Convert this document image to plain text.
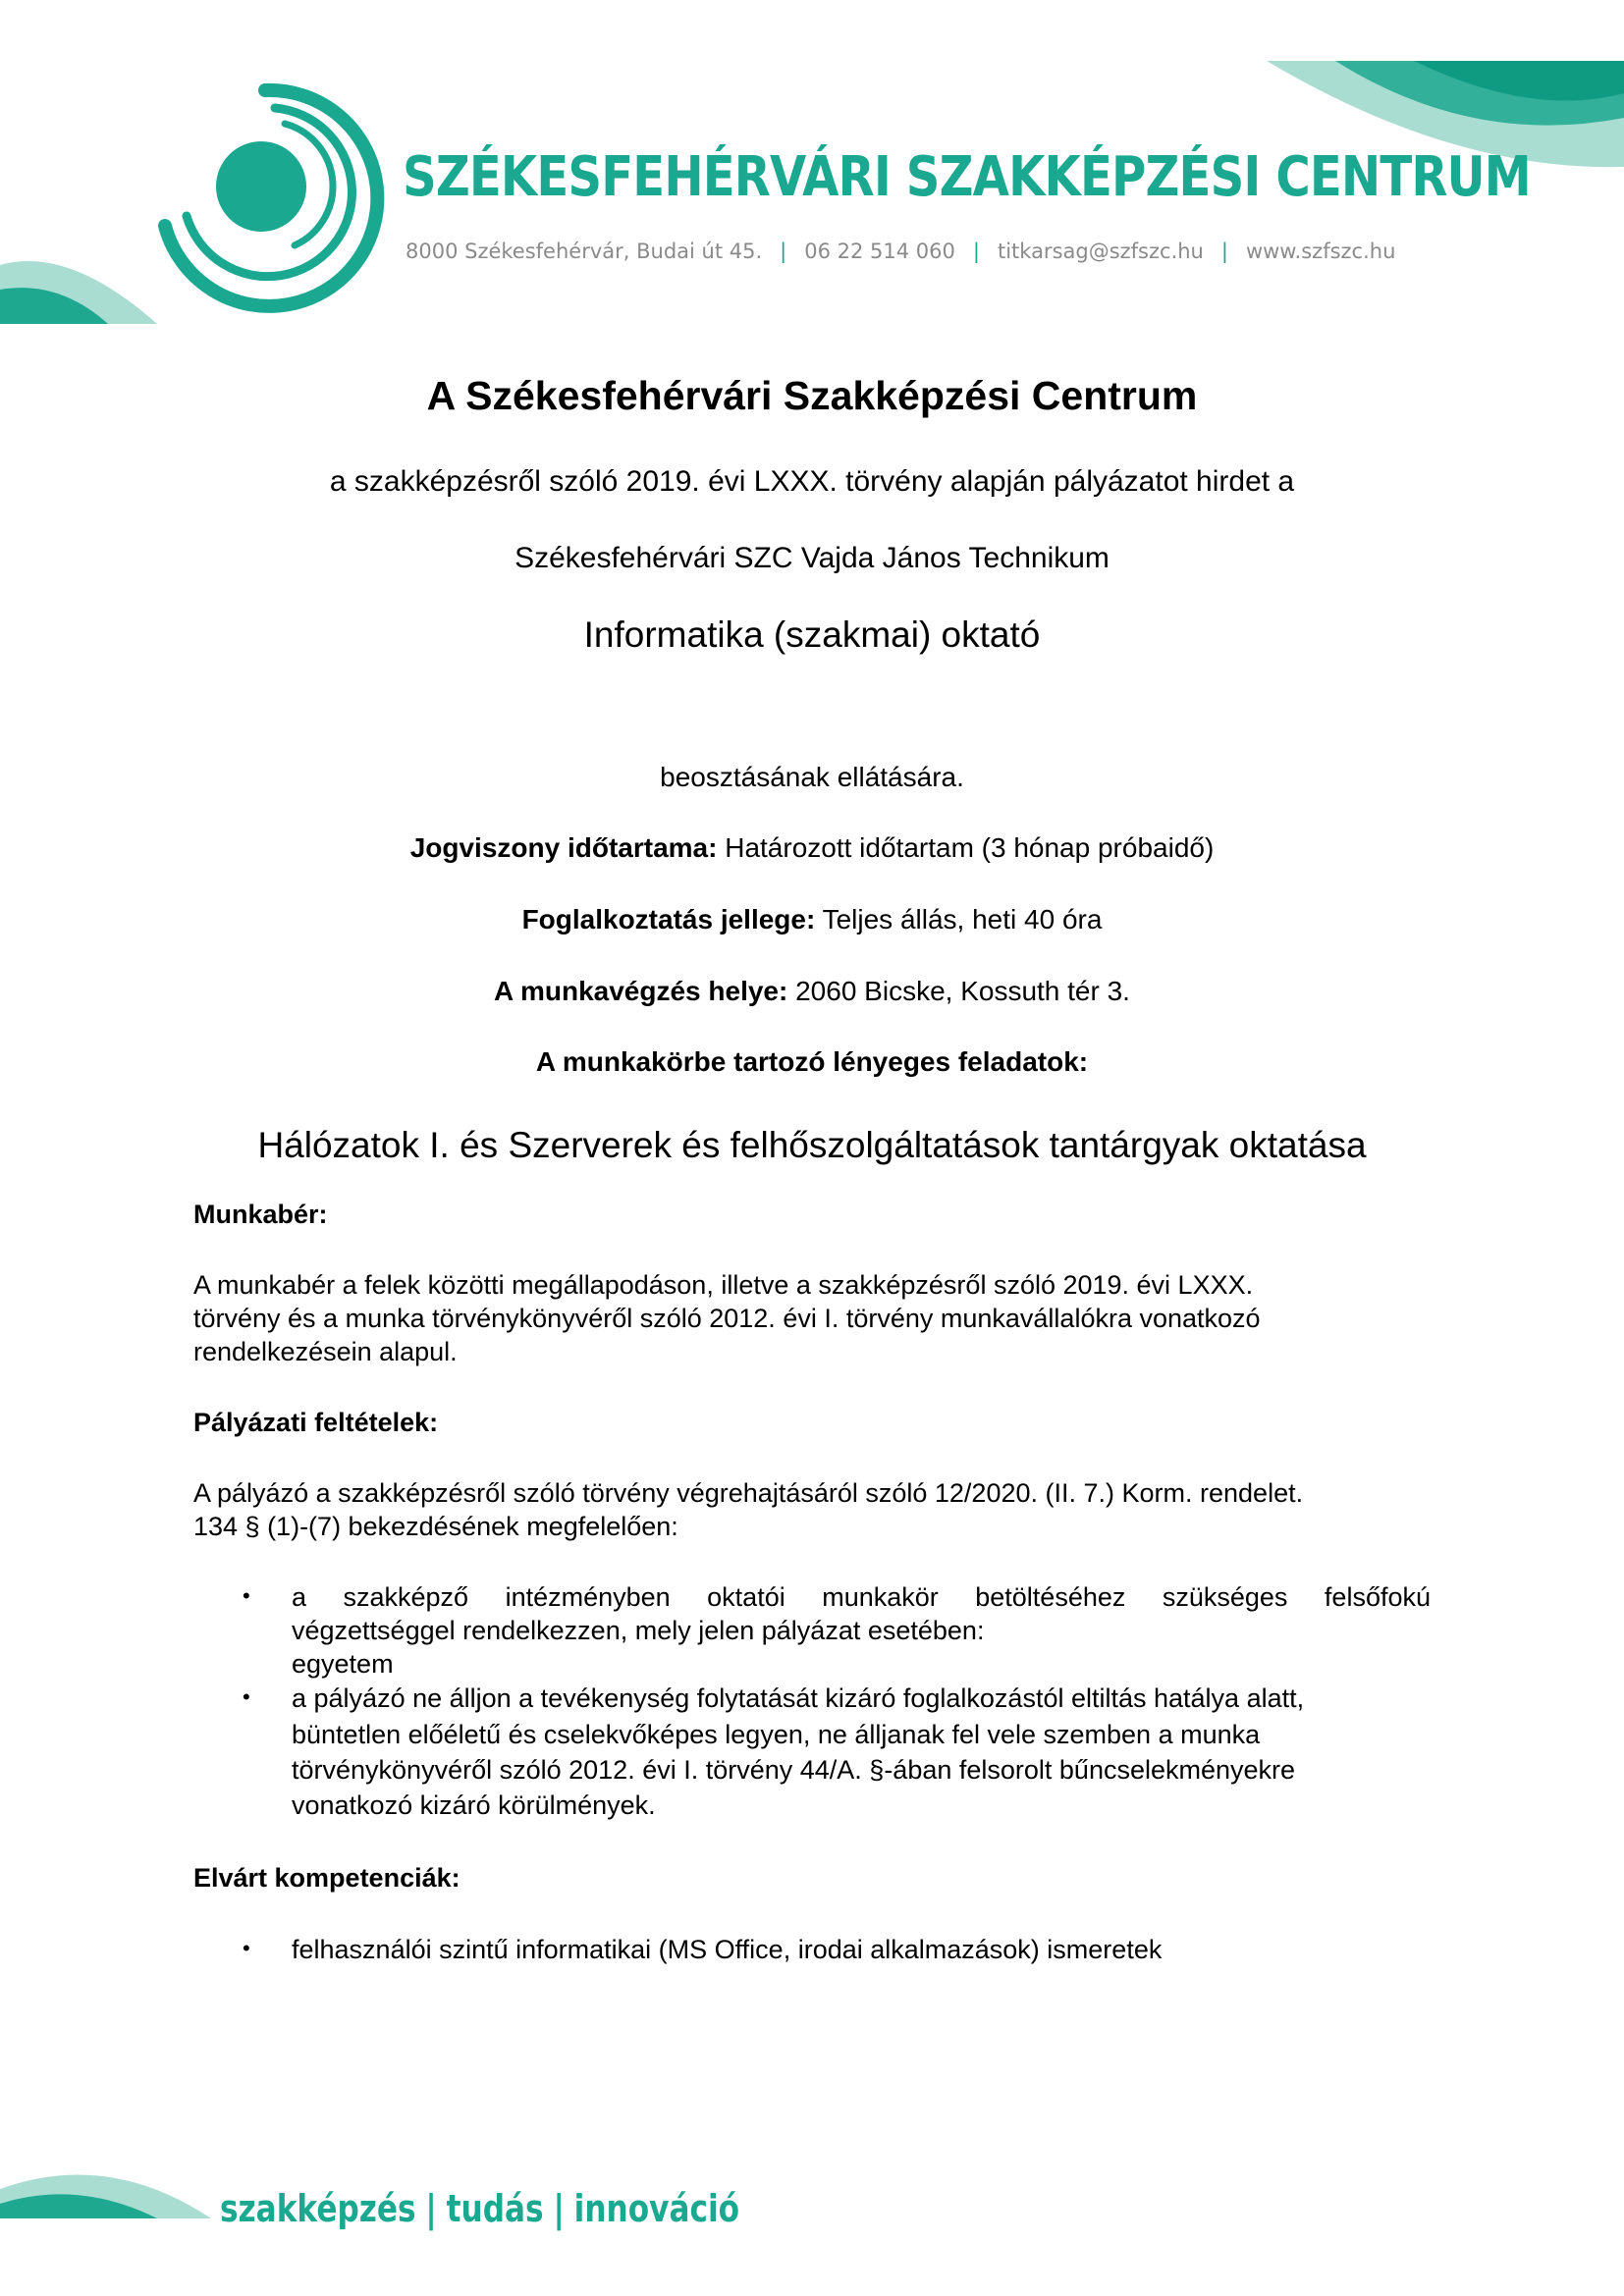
SZÉKESFEHÉRVÁRI SZAKKÉPZÉSI CENTRUM
8000 Székesfehérvár, Budai út 45. | 06 22 514 060 | titkarsag@szfszc.hu | www.szfszc.hu
A Székesfehérvári Szakképzési Centrum
a szakképzésről szóló 2019. évi LXXX. törvény alapján pályázatot hirdet a
Székesfehérvári SZC Vajda János Technikum
Informatika (szakmai) oktató
beosztásának ellátására.
Jogviszony időtartama: Határozott időtartam (3 hónap próbaidő)
Foglalkoztatás jellege: Teljes állás, heti 40 óra
A munkavégzés helye: 2060 Bicske, Kossuth tér 3.
A munkakörbe tartozó lényeges feladatok:
Hálózatok I. és Szerverek és felhőszolgáltatások tantárgyak oktatása
Munkabér:
A munkabér a felek közötti megállapodáson, illetve a szakképzésről szóló 2019. évi LXXX.
törvény és a munka törvénykönyvéről szóló 2012. évi I. törvény munkavállalókra vonatkozó
rendelkezésein alapul.
Pályázati feltételek:
A pályázó a szakképzésről szóló törvény végrehajtásáról szóló 12/2020. (II. 7.) Korm. rendelet.
134 § (1)-(7) bekezdésének megfelelően:
• a szakképző intézményben oktatói munkakör betöltéséhez szükséges felsőfokú
végzettséggel rendelkezzen, mely jelen pályázat esetében:
egyetem
• a pályázó ne álljon a tevékenység folytatását kizáró foglalkozástól eltiltás hatálya alatt,
büntetlen előéletű és cselekvőképes legyen, ne álljanak fel vele szemben a munka
törvénykönyvéről szóló 2012. évi I. törvény 44/A. §-ában felsorolt bűncselekményekre
vonatkozó kizáró körülmények.
Elvárt kompetenciák:
• felhasználói szintű informatikai (MS Office, irodai alkalmazások) ismeretek
szakképzés | tudás | innováció
